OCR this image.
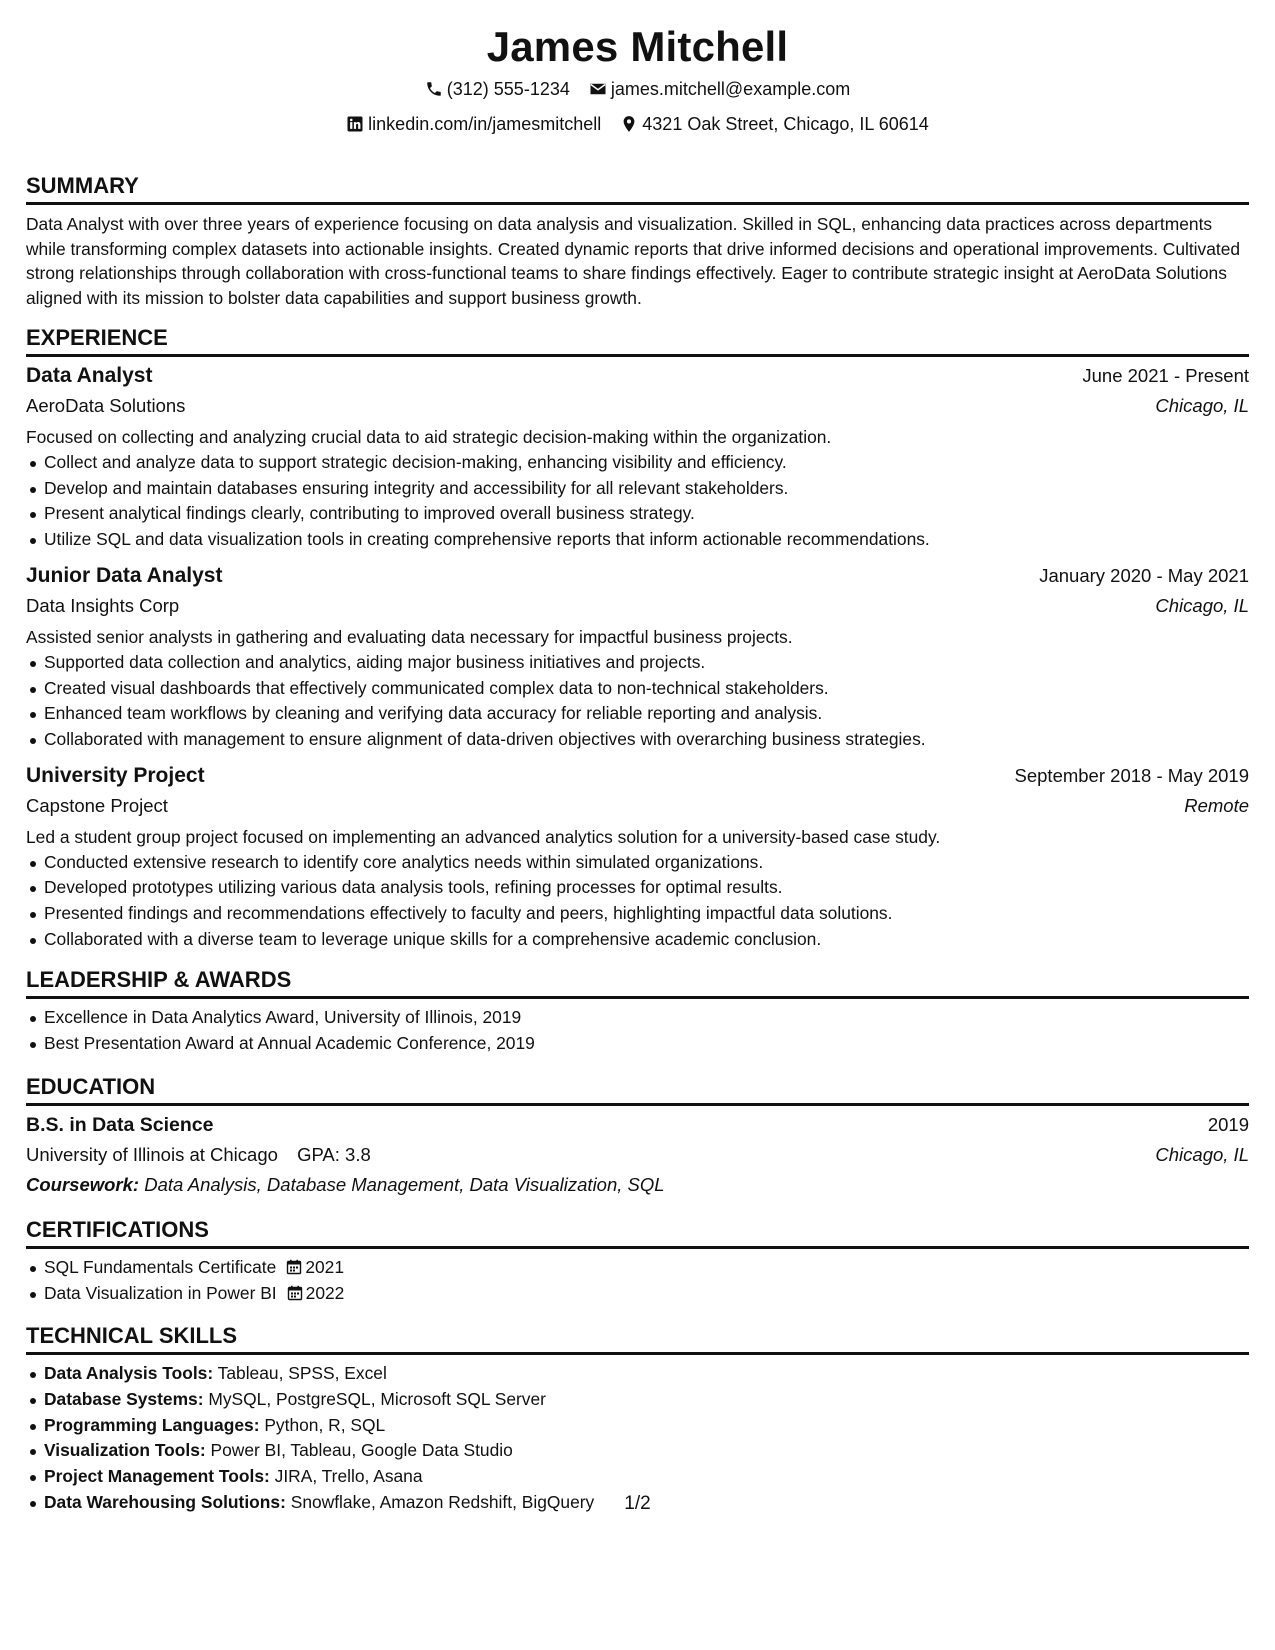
James Mitchell
(312) 555-1234
james.mitchell@example.com
linkedin.com/in/jamesmitchell
4321 Oak Street, Chicago, IL 60614
SUMMARY
Data Analyst with over three years of experience focusing on data analysis and visualization. Skilled in SQL, enhancing data practices across departments while transforming complex datasets into actionable insights. Created dynamic reports that drive informed decisions and operational improvements. Cultivated strong relationships through collaboration with cross-functional teams to share findings effectively. Eager to contribute strategic insight at AeroData Solutions aligned with its mission to bolster data capabilities and support business growth.
EXPERIENCE
Data Analyst	June 2021 - Present
AeroData Solutions	Chicago, IL
Focused on collecting and analyzing crucial data to aid strategic decision-making within the organization.
Collect and analyze data to support strategic decision-making, enhancing visibility and efficiency.
Develop and maintain databases ensuring integrity and accessibility for all relevant stakeholders.
Present analytical findings clearly, contributing to improved overall business strategy.
Utilize SQL and data visualization tools in creating comprehensive reports that inform actionable recommendations.
Junior Data Analyst	January 2020 - May 2021
Data Insights Corp	Chicago, IL
Assisted senior analysts in gathering and evaluating data necessary for impactful business projects.
Supported data collection and analytics, aiding major business initiatives and projects.
Created visual dashboards that effectively communicated complex data to non-technical stakeholders.
Enhanced team workflows by cleaning and verifying data accuracy for reliable reporting and analysis.
Collaborated with management to ensure alignment of data-driven objectives with overarching business strategies.
University Project	September 2018 - May 2019
Capstone Project	Remote
Led a student group project focused on implementing an advanced analytics solution for a university-based case study.
Conducted extensive research to identify core analytics needs within simulated organizations.
Developed prototypes utilizing various data analysis tools, refining processes for optimal results.
Presented findings and recommendations effectively to faculty and peers, highlighting impactful data solutions.
Collaborated with a diverse team to leverage unique skills for a comprehensive academic conclusion.
LEADERSHIP & AWARDS
Excellence in Data Analytics Award, University of Illinois, 2019
Best Presentation Award at Annual Academic Conference, 2019
EDUCATION
B.S. in Data Science	2019
University of Illinois at Chicago GPA: 3.8	Chicago, IL
Coursework: Data Analysis, Database Management, Data Visualization, SQL
CERTIFICATIONS
SQL Fundamentals Certificate 2021
Data Visualization in Power BI 2022
TECHNICAL SKILLS
Data Analysis Tools: Tableau, SPSS, Excel
Database Systems: MySQL, PostgreSQL, Microsoft SQL Server
Programming Languages: Python, R, SQL
Visualization Tools: Power BI, Tableau, Google Data Studio
Project Management Tools: JIRA, Trello, Asana
Data Warehousing Solutions: Snowflake, Amazon Redshift, BigQuery	1/2
